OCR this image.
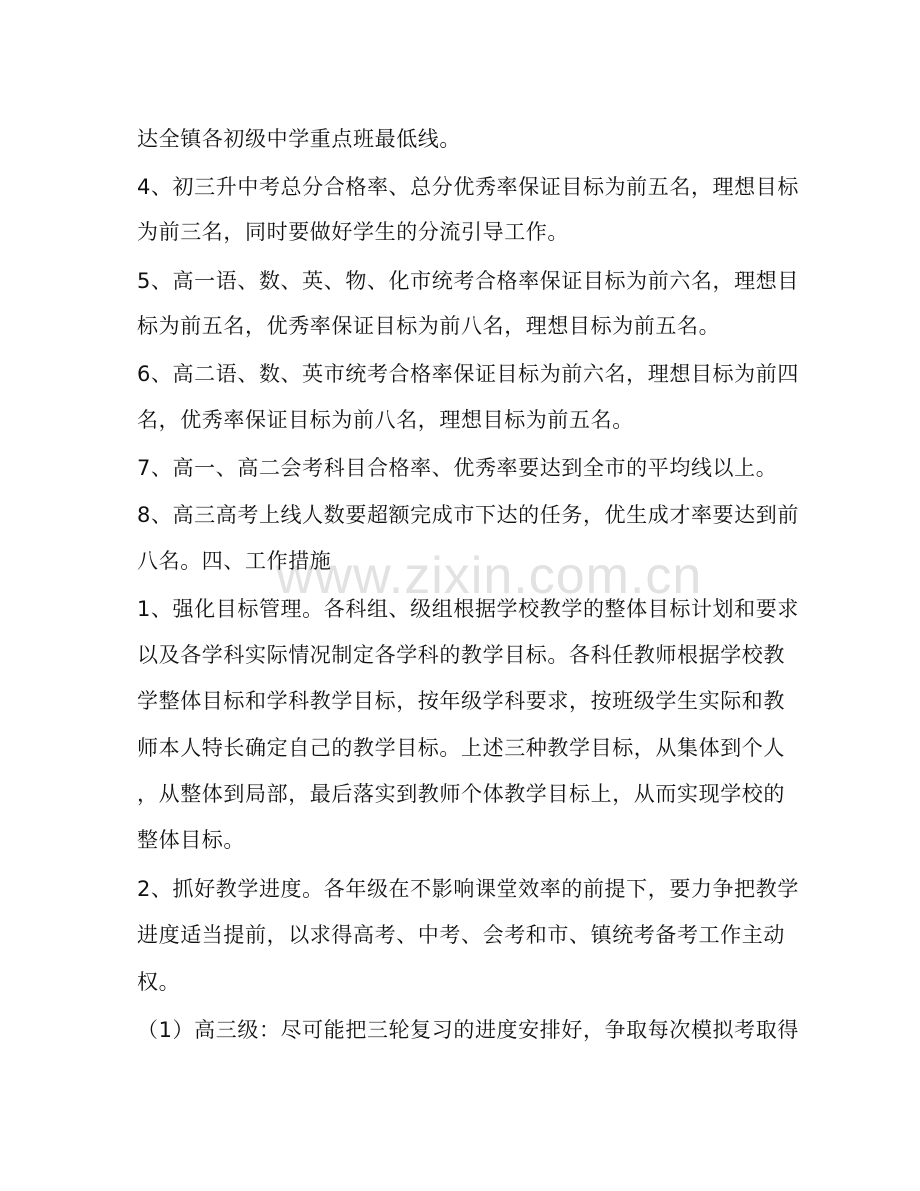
www.zixin.com.cn
达全镇各初级中学重点班最低线。
4、初三升中考总分合格率、总分优秀率保证目标为前五名，理想目标
为前三名，同时要做好学生的分流引导工作。
5、高一语、数、英、物、化市统考合格率保证目标为前六名，理想目
标为前五名，优秀率保证目标为前八名，理想目标为前五名。
6、高二语、数、英市统考合格率保证目标为前六名，理想目标为前四
名，优秀率保证目标为前八名，理想目标为前五名。
7、高一、高二会考科目合格率、优秀率要达到全市的平均线以上。
8、高三高考上线人数要超额完成市下达的任务，优生成才率要达到前
八名。四、工作措施
1、强化目标管理。各科组、级组根据学校教学的整体目标计划和要求
以及各学科实际情况制定各学科的教学目标。各科任教师根据学校教
学整体目标和学科教学目标，按年级学科要求，按班级学生实际和教
师本人特长确定自己的教学目标。上述三种教学目标，从集体到个人
，从整体到局部，最后落实到教师个体教学目标上，从而实现学校的
整体目标。
2、抓好教学进度。各年级在不影响课堂效率的前提下，要力争把教学
进度适当提前，以求得高考、中考、会考和市、镇统考备考工作主动
权。
（1）高三级：尽可能把三轮复习的进度安排好，争取每次模拟考取得
